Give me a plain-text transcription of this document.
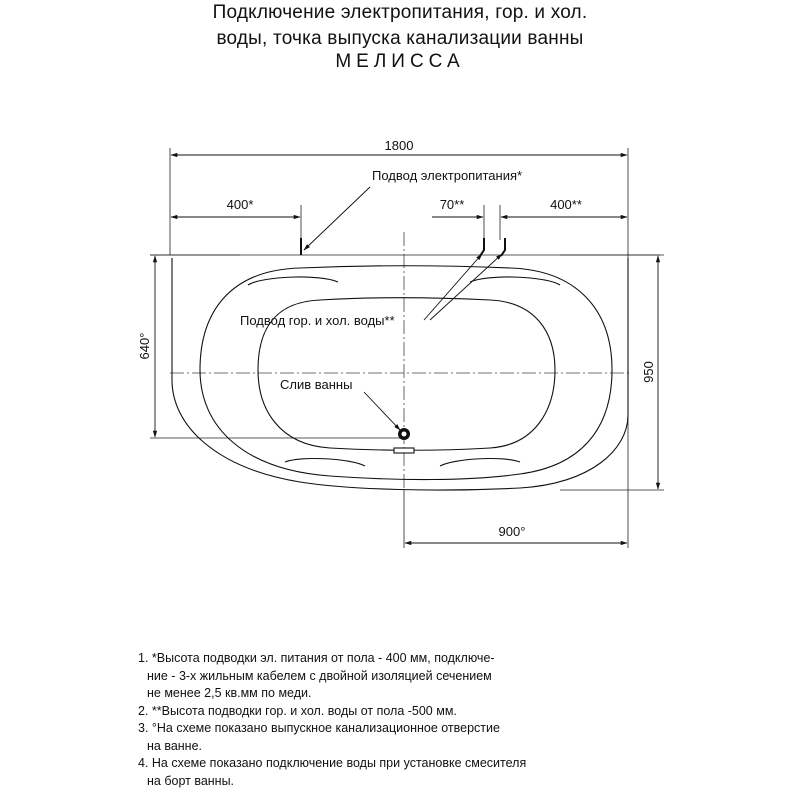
Подключение электропитания, гор. и хол.
воды, точка выпуска канализации ванны
МЕЛИССА
1800
400*	70**	400**
640°
950
900°
Подвод электропитания*
Подвод гор. и хол. воды**
Слив ванны
1. *Высота подводки эл. питания от пола - 400 мм, подключе-
ние - 3-х жильным кабелем с двойной изоляцией сечением
не менее 2,5 кв.мм по меди.
2. **Высота подводки гор. и хол. воды от пола -500 мм.
3. °На схеме показано выпускное канализационное отверстие
на ванне.
4. На схеме показано подключение воды при установке смесителя
на борт ванны.
